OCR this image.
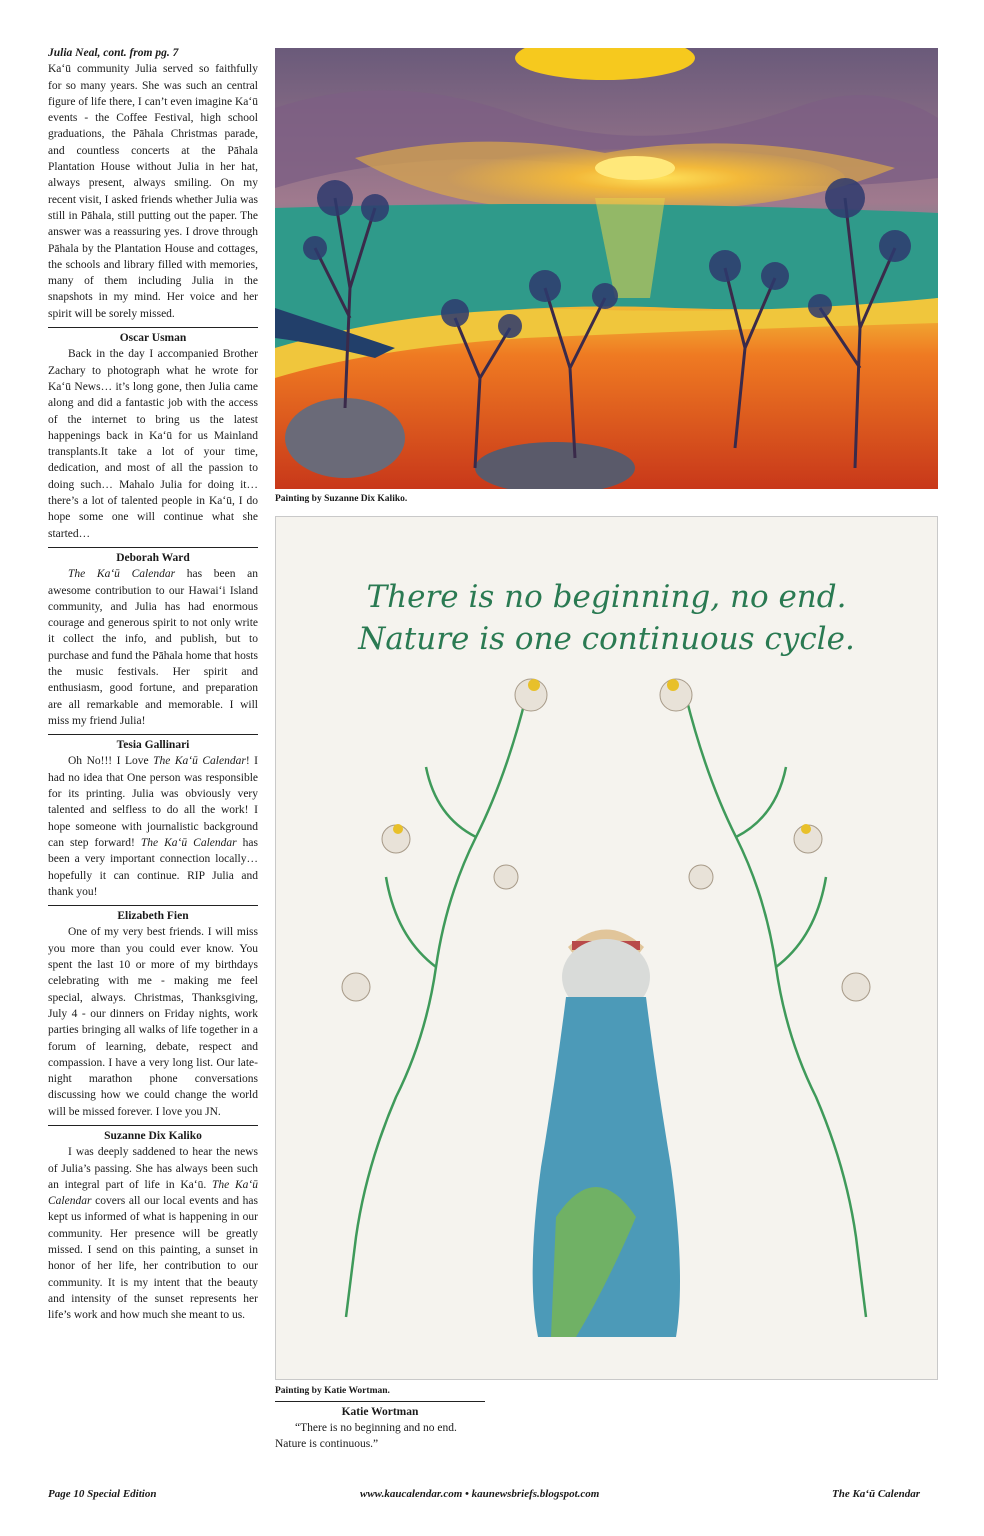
Julia Neal, cont. from pg. 7

Ka‘ū community Julia served so faithfully for so many years. She was such an central figure of life there, I can’t even imagine Ka‘ū events - the Coffee Festival, high school graduations, the Pāhala Christmas parade, and countless concerts at the Pāhala Plantation House without Julia in her hat, always present, always smiling. On my recent visit, I asked friends whether Julia was still in Pāhala, still putting out the paper. The answer was a reassuring yes. I drove through Pāhala by the Plantation House and cottages, the schools and library filled with memories, many of them including Julia in the snapshots in my mind. Her voice and her spirit will be sorely missed.

Oscar Usman

Back in the day I accompanied Brother Zachary to photograph what he wrote for Ka‘ū News… it’s long gone, then Julia came along and did a fantastic job with the access of the internet to bring us the latest happenings back in Ka‘ū for us Mainland transplants.It take a lot of your time, dedication, and most of all the passion to doing such… Mahalo Julia for doing it… there’s a lot of talented people in Ka‘ū, I do hope some one will continue what she started…

Deborah Ward

The Ka‘ū Calendar has been an awesome contribution to our Hawai‘i Island community, and Julia has had enormous courage and generous spirit to not only write it collect the info, and publish, but to purchase and fund the Pāhala home that hosts the music festivals. Her spirit and enthusiasm, good fortune, and preparation are all remarkable and memorable. I will miss my friend Julia!

Tesia Gallinari

Oh No!!! I Love The Ka‘ū Calendar! I had no idea that One person was responsible for its printing. Julia was obviously very talented and selfless to do all the work! I hope someone with journalistic background can step forward! The Ka‘ū Calendar has been a very important connection locally… hopefully it can continue. RIP Julia and thank you!

Elizabeth Fien

One of my very best friends. I will miss you more than you could ever know. You spent the last 10 or more of my birthdays celebrating with me - making me feel special, always. Christmas, Thanksgiving, July 4 - our dinners on Friday nights, work parties bringing all walks of life together in a forum of learning, debate, respect and compassion. I have a very long list. Our late-night marathon phone conversations discussing how we could change the world will be missed forever. I love you JN.

Suzanne Dix Kaliko

I was deeply saddened to hear the news of Julia’s passing. She has always been such an integral part of life in Ka‘ū. The Ka‘ū Calendar covers all our local events and has kept us informed of what is happening in our community. Her presence will be greatly missed. I send on this painting, a sunset in honor of her life, her contribution to our community. It is my intent that the beauty and intensity of the sunset represents her life’s work and how much she meant to us.

Painting by Suzanne Dix Kaliko.
There is no beginning, no end.
Nature is one continuous cycle.
Painting by Katie Wortman.

Katie Wortman

“There is no beginning and no end. Nature is continuous.”

Page 10 Special Edition	www.kaucalendar.com • kaunewsbriefs.blogspot.com	The Ka‘ū Calendar
